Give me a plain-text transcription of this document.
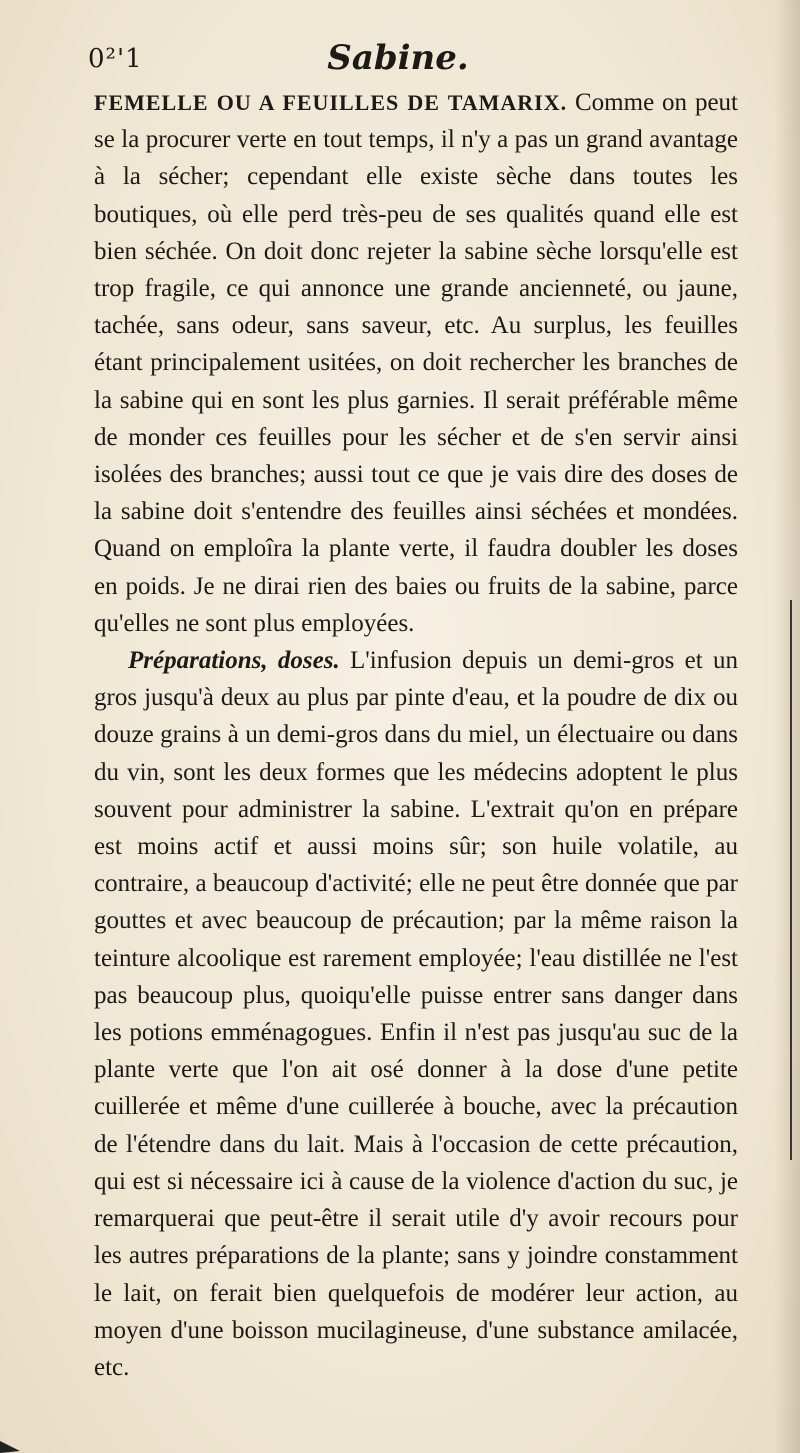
0²'1	Sabine.

FEMELLE OU A FEUILLES DE TAMARIX. Comme on peut se la procurer verte en tout temps, il n'y a pas un grand avantage à la sécher; cependant elle existe sèche dans toutes les boutiques, où elle perd très-peu de ses qualités quand elle est bien séchée. On doit donc rejeter la sabine sèche lorsqu'elle est trop fragile, ce qui annonce une grande ancienneté, ou jaune, tachée, sans odeur, sans saveur, etc. Au surplus, les feuilles étant principalement usitées, on doit rechercher les branches de la sabine qui en sont les plus garnies. Il serait préférable même de monder ces feuilles pour les sécher et de s'en servir ainsi isolées des branches; aussi tout ce que je vais dire des doses de la sabine doit s'entendre des feuilles ainsi séchées et mondées. Quand on emploîra la plante verte, il faudra doubler les doses en poids. Je ne dirai rien des baies ou fruits de la sabine, parce qu'elles ne sont plus employées.

Préparations, doses. L'infusion depuis un demi-gros et un gros jusqu'à deux au plus par pinte d'eau, et la poudre de dix ou douze grains à un demi-gros dans du miel, un électuaire ou dans du vin, sont les deux formes que les médecins adoptent le plus souvent pour administrer la sabine. L'extrait qu'on en prépare est moins actif et aussi moins sûr; son huile volatile, au contraire, a beaucoup d'activité; elle ne peut être donnée que par gouttes et avec beaucoup de précaution; par la même raison la teinture alcoolique est rarement employée; l'eau distillée ne l'est pas beaucoup plus, quoiqu'elle puisse entrer sans danger dans les potions emménagogues. Enfin il n'est pas jusqu'au suc de la plante verte que l'on ait osé donner à la dose d'une petite cuillerée et même d'une cuillerée à bouche, avec la précaution de l'étendre dans du lait. Mais à l'occasion de cette précaution, qui est si nécessaire ici à cause de la violence d'action du suc, je remarquerai que peut-être il serait utile d'y avoir recours pour les autres préparations de la plante; sans y joindre constamment le lait, on ferait bien quelquefois de modérer leur action, au moyen d'une boisson mucilagineuse, d'une substance amilacée, etc.
